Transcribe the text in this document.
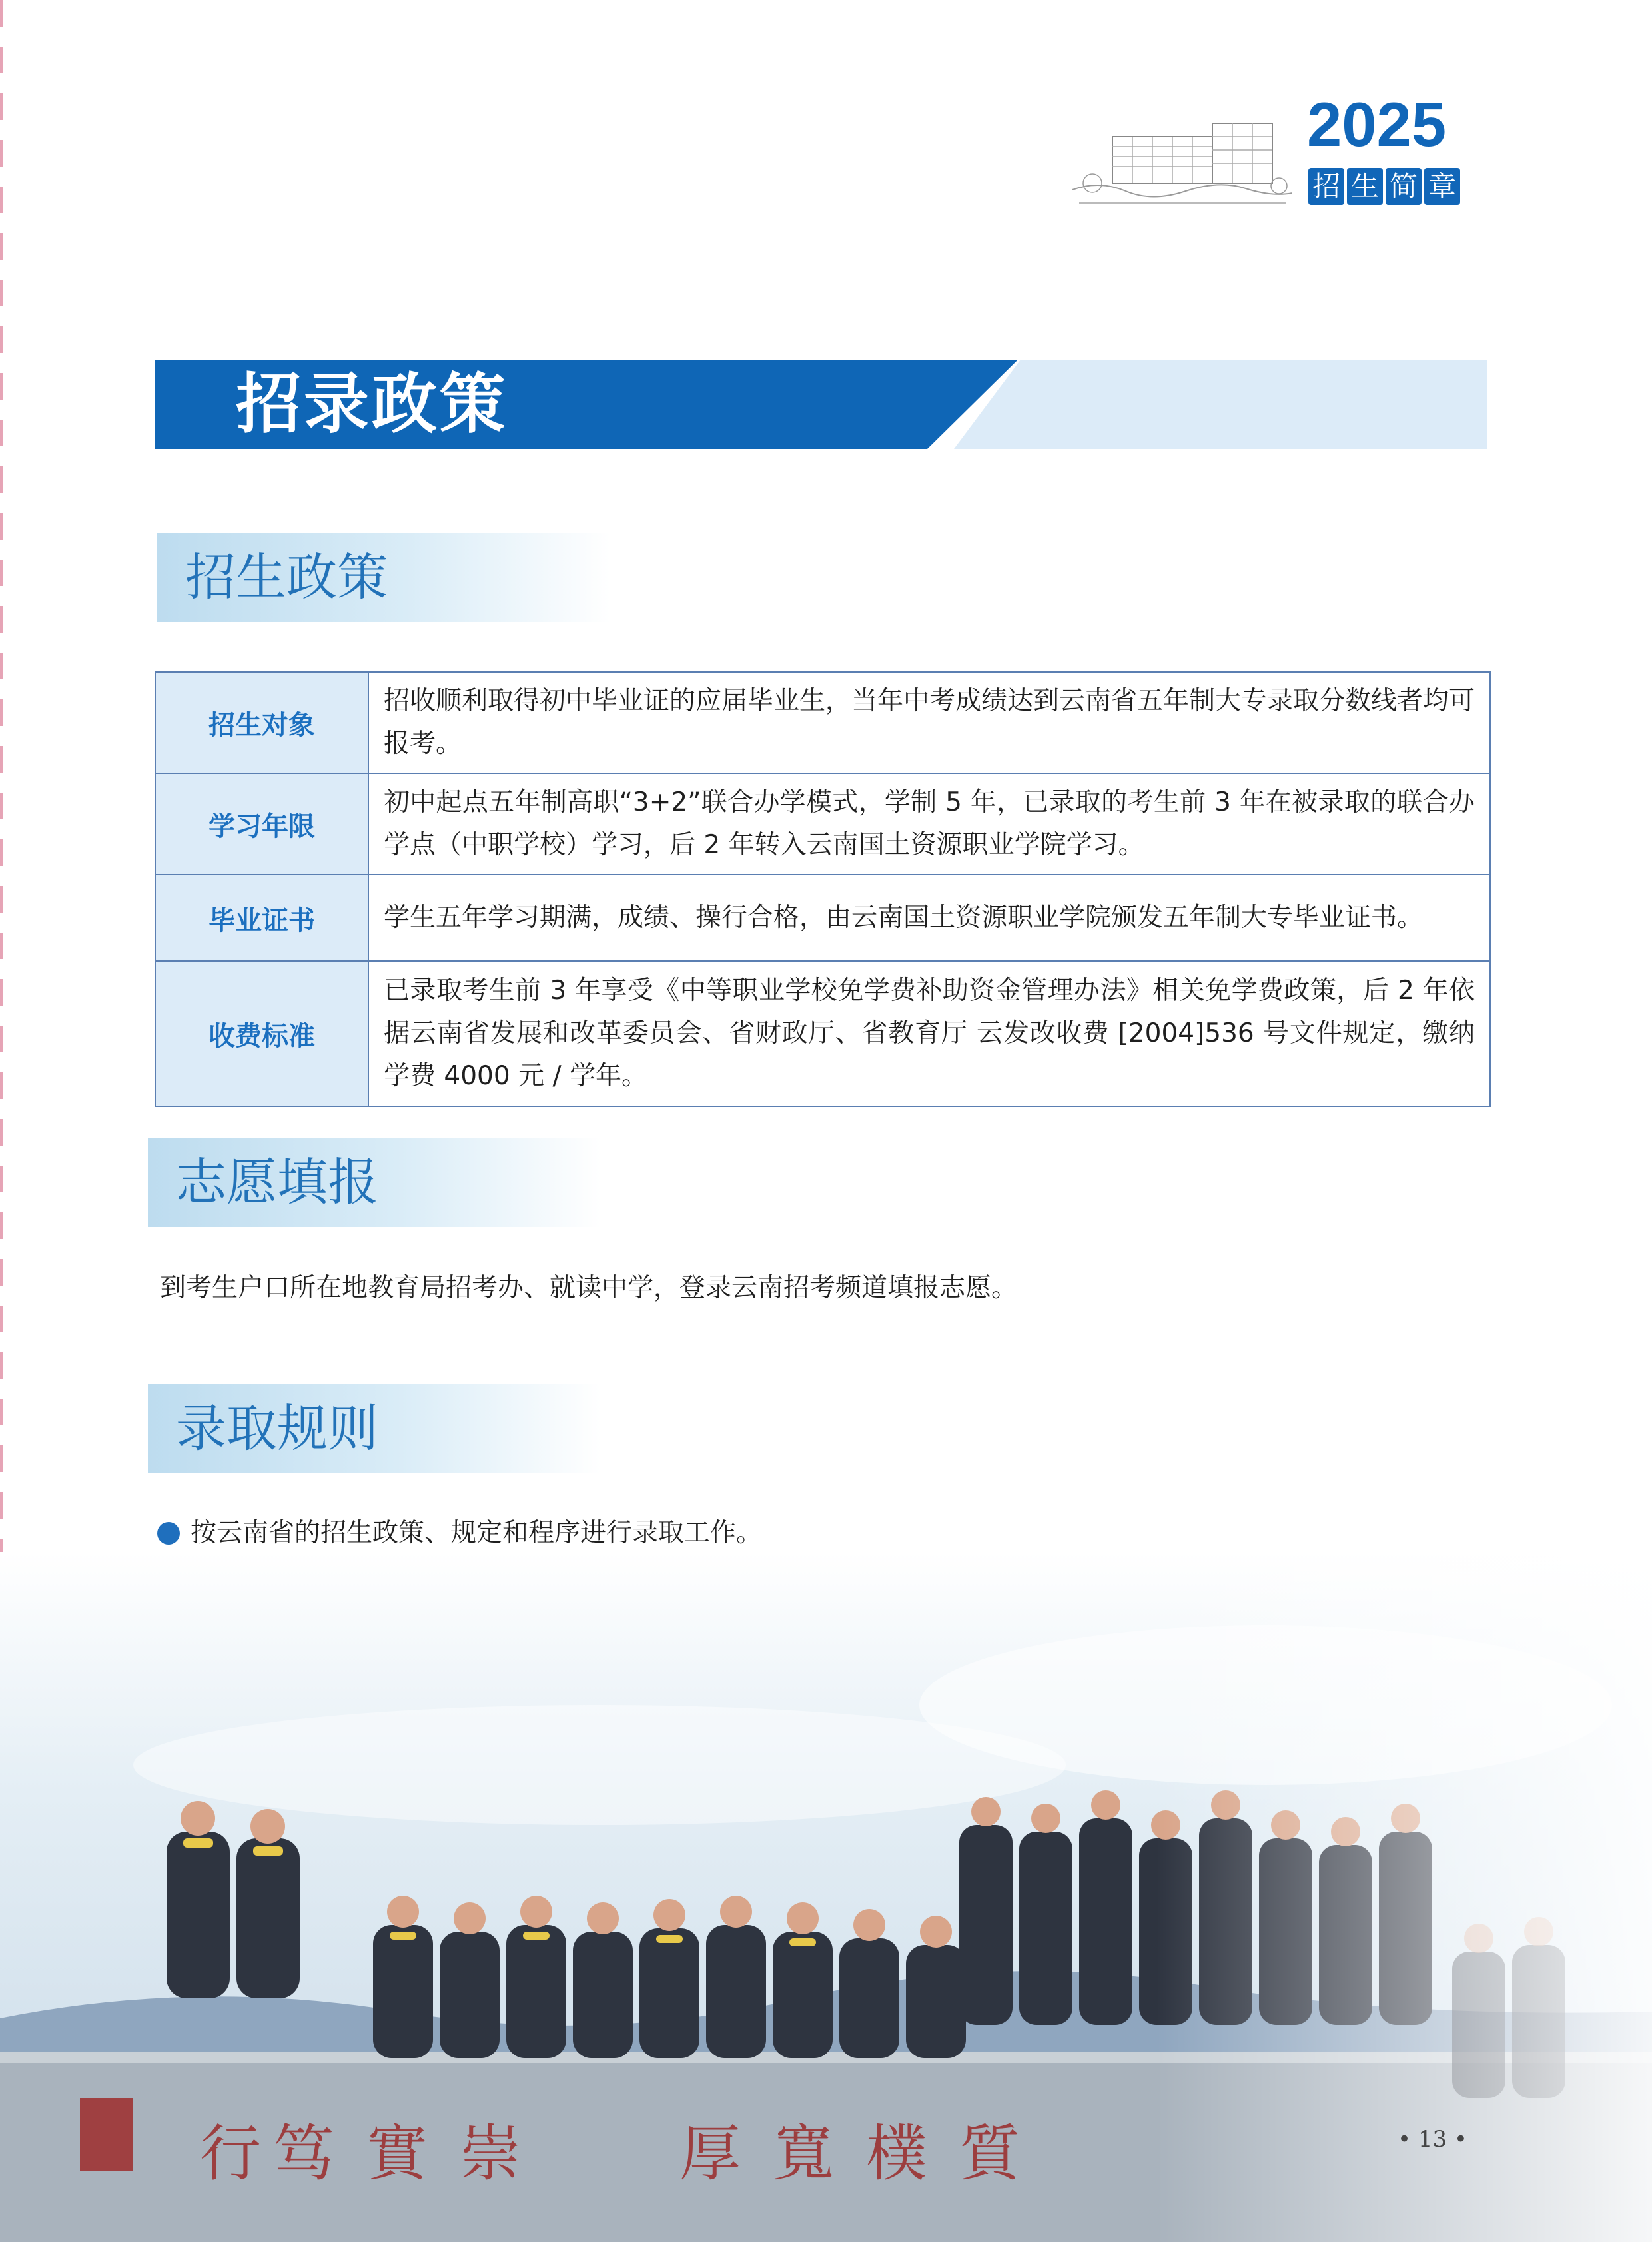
2025
招 生 简 章
招录政策
招生政策
招生对象	招收顺利取得初中毕业证的应届毕业生，当年中考成绩达到云南省五年制大专录取分数线者均可报考。
学习年限	初中起点五年制高职“3+2”联合办学模式，学制 5 年，已录取的考生前 3 年在被录取的联合办学点（中职学校）学习，后 2 年转入云南国土资源职业学院学习。
毕业证书	学生五年学习期满，成绩、操行合格，由云南国土资源职业学院颁发五年制大专毕业证书。
收费标准	已录取考生前 3 年享受《中等职业学校免学费补助资金管理办法》相关免学费政策，后 2 年依据云南省发展和改革委员会、省财政厅、省教育厅 云发改收费 [2004]536 号文件规定，缴纳学费 4000 元 / 学年。
志愿填报
到考生户口所在地教育局招考办、就读中学，登录云南招考频道填报志愿。
录取规则
按云南省的招生政策、规定和程序进行录取工作。
行 笃 實 崇	厚 寬 樸 質	• 13 •
